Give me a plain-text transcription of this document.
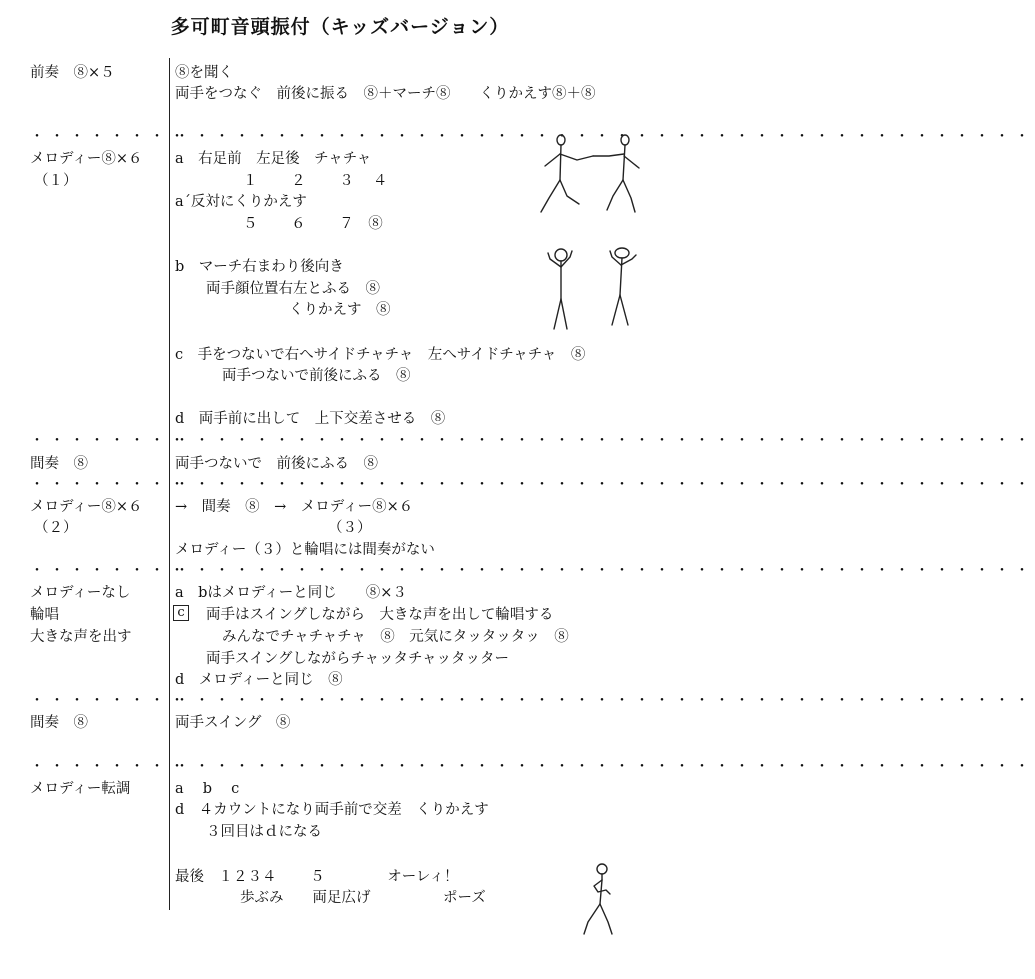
多可町音頭振付（キッズバージョン）
前奏　⑧×５
・・・・・・・・
メロディー⑧×６
（１）
・・・・・・・・
間奏　⑧
・・・・・・・・
メロディー⑧×６
（２）
・・・・・・・・
メロディーなし
輪唱
大きな声を出す
・・・・・・・・
間奏　⑧
・・・・・・・・
メロディー転調
⑧を聞く
両手をつなぐ　前後に振る　⑧＋マーチ⑧　　くりかえす⑧＋⑧
・・・・・・・・・・・・・・・・・・・・・・・・・・・・・・・・・・・・・・・・・・・
a　右足前　左足後　チャチャ
１　　 ２　　 ３　 ４
a´反対にくりかえす
５　　 ６　　 ７　⑧
b　マーチ右まわり後向き
両手顔位置右左とふる　⑧
くりかえす　⑧
c　手をつないで右へサイドチャチャ　左へサイドチャチャ　⑧
両手つないで前後にふる　⑧
d　両手前に出して　上下交差させる　⑧
・・・・・・・・・・・・・・・・・・・・・・・・・・・・・・・・・・・・・・・・・・・
両手つないで　前後にふる　⑧
・・・・・・・・・・・・・・・・・・・・・・・・・・・・・・・・・・・・・・・・・・・
→　間奏　⑧　→　メロディー⑧×６
（３）
メロディー（３）と輪唱には間奏がない
・・・・・・・・・・・・・・・・・・・・・・・・・・・・・・・・・・・・・・・・・・・
a　bはメロディーと同じ　　⑧×３
c	両手はスイングしながら　大きな声を出して輪唱する
みんなでチャチャチャ　⑧　元気にタッタッタッ　⑧
両手スイングしながらチャッタチャッタッター
d　メロディーと同じ　⑧
・・・・・・・・・・・・・・・・・・・・・・・・・・・・・・・・・・・・・・・・・・・
両手スイング　⑧
・・・・・・・・・・・・・・・・・・・・・・・・・・・・・・・・・・・・・・・・・・・
a　 b　 c
d　４カウントになり両手前で交差　くりかえす
３回目はｄになる
最後　１２３４　　 ５　　　　 オーレィ！
歩ぶみ　　両足広げ　　　　　ポーズ
